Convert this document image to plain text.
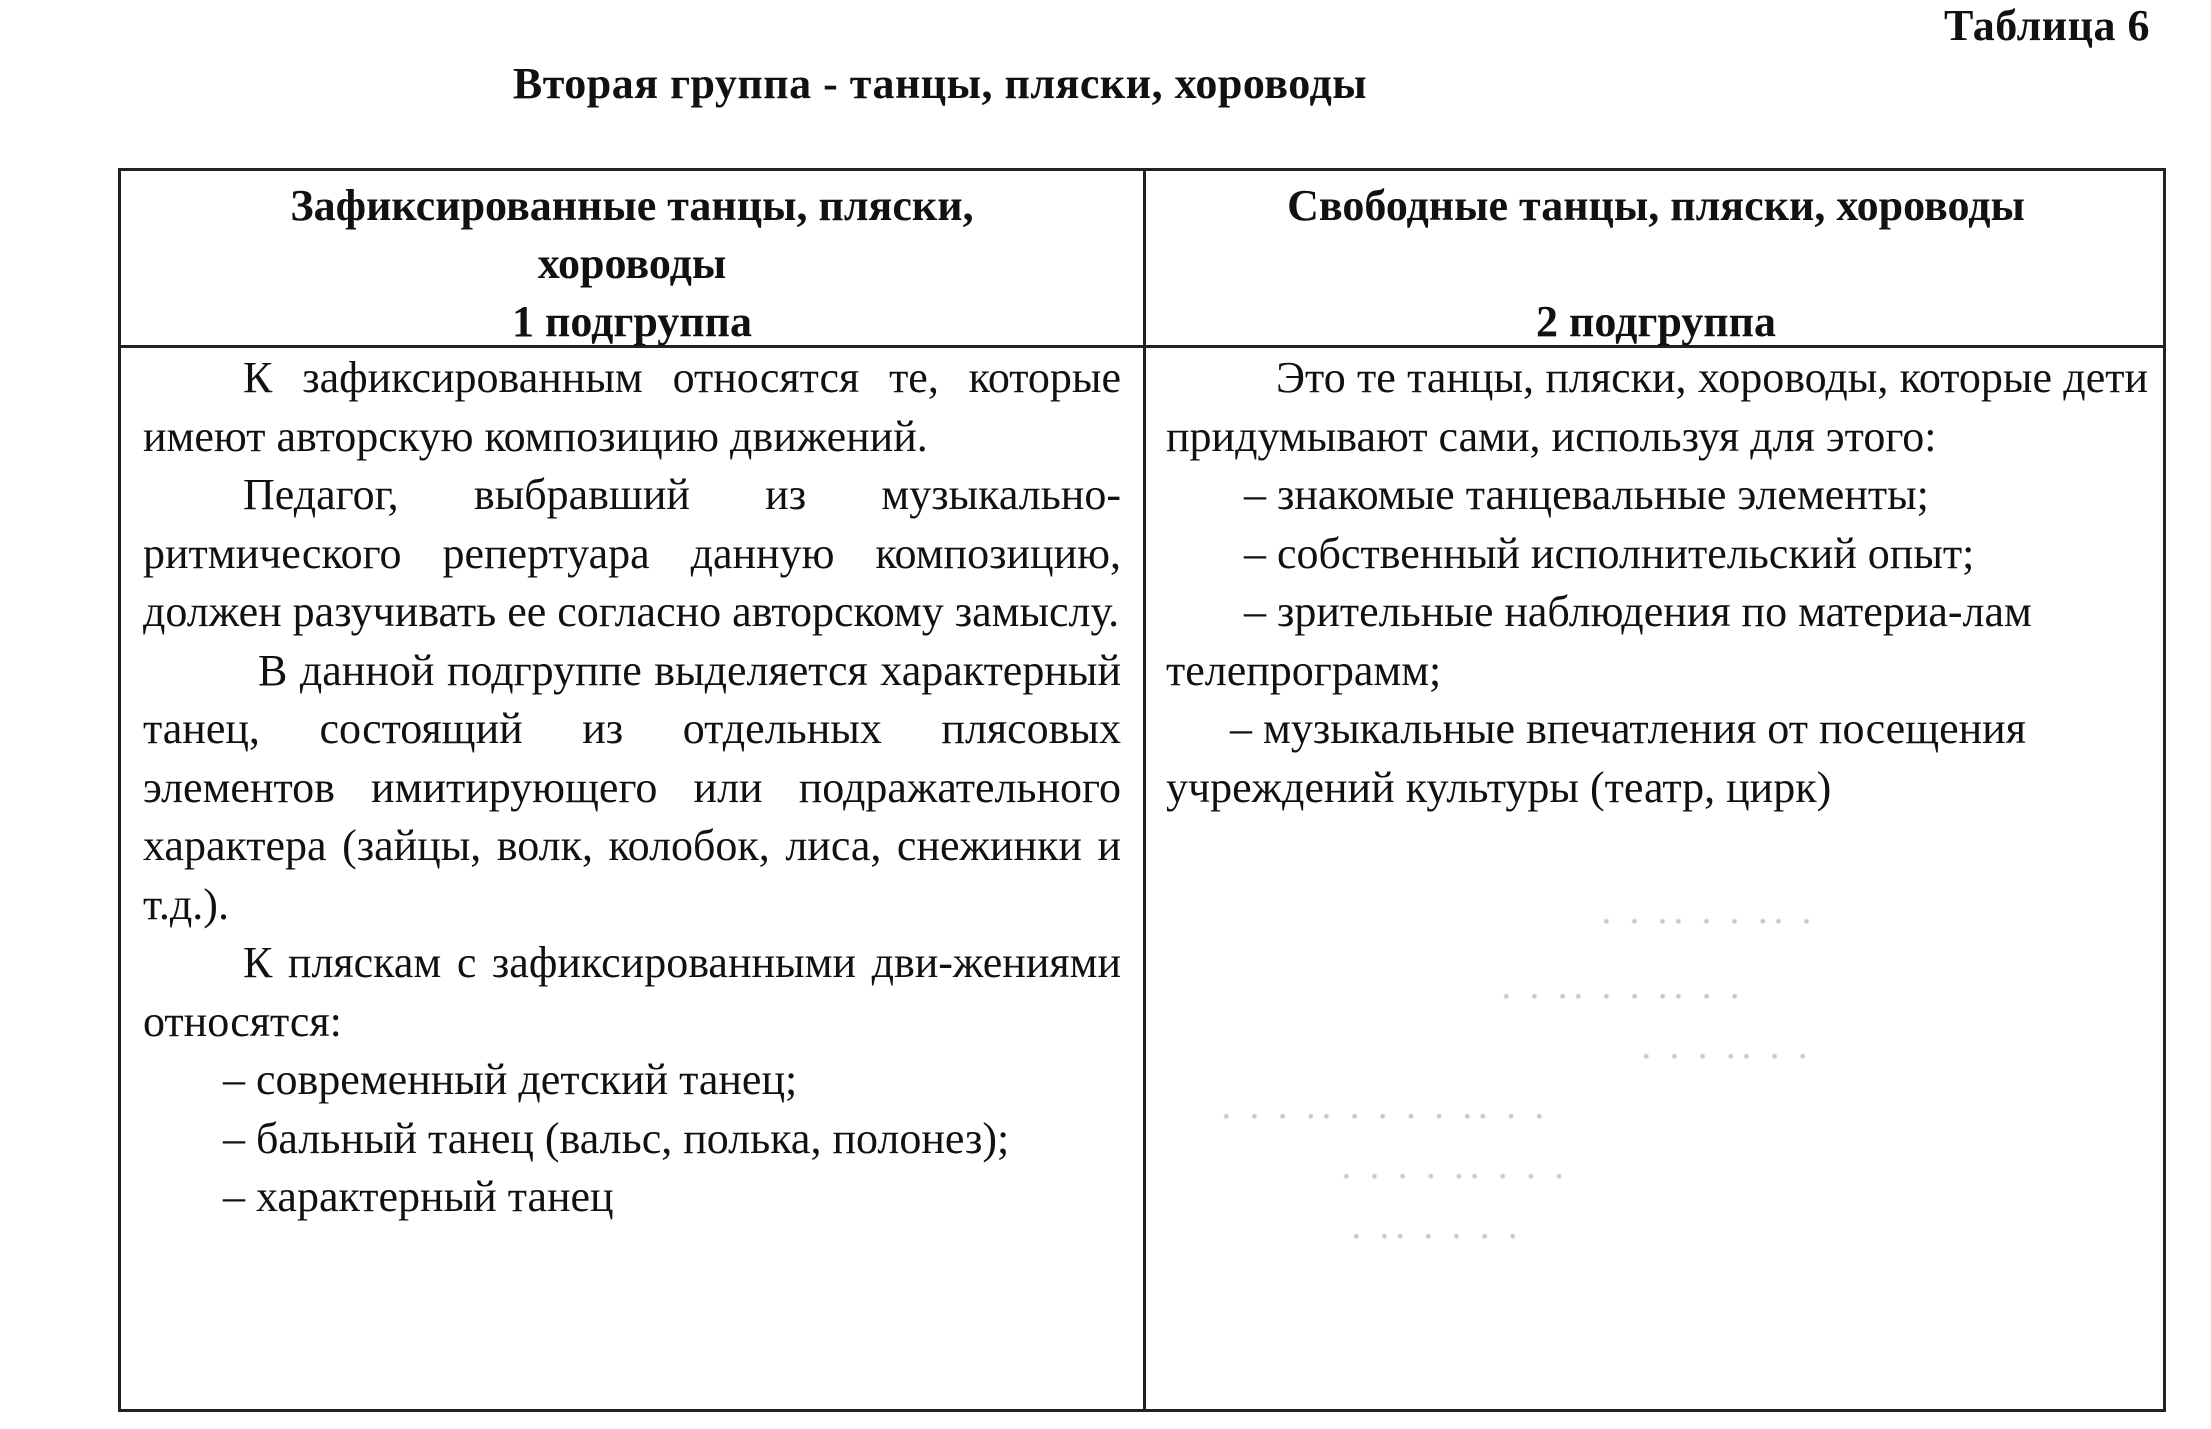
Таблица 6
Вторая группа - танцы, пляски, хороводы
Зафиксированные танцы, пляски,
хороводы
1 подгруппа
Свободные танцы, пляски, хороводы
2 подгруппа

К зафиксированным относятся те, которые имеют авторскую композицию движений.

Педагог, выбравший из музыкально-ритмического репертуара данную композицию, должен разучивать ее согласно авторскому замыслу.

В данной подгруппе выделяется характерный танец, состоящий из отдельных плясовых элементов имитирующего или подражательного характера (зайцы, волк, колобок, лиса, снежинки и т.д.).

К пляскам с зафиксированными дви-жениями относятся:

– современный детский танец;

– бальный танец (вальс, полька, полонез);

– характерный танец

Это те танцы, пляски, хороводы, которые дети придумывают сами, используя для этого:

– знакомые танцевальные элементы;

– собственный исполнительский опыт;

– зрительные наблюдения по материа-лам телепрограмм;

– музыкальные впечатления от посещения учреждений культуры (театр, цирк)

· · ·· · · ·· ·
· · ·· · · ·· · ·
· · · ·· · ·
· · · ·· · · · · ·· · ·
· · · · ·· · · ·
· ·· · · · ·
